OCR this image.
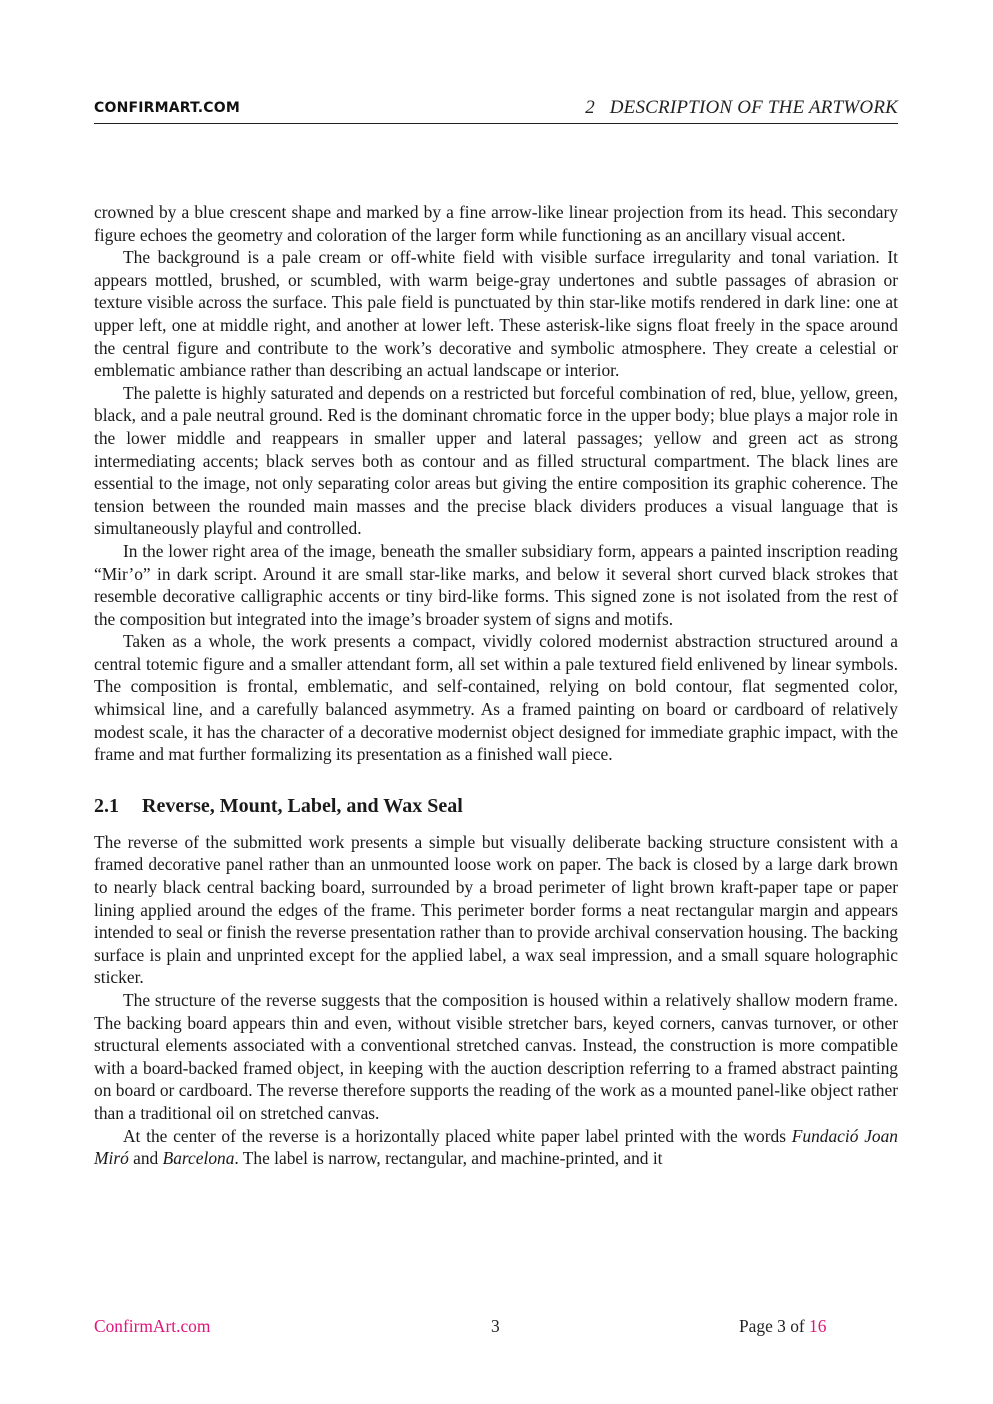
CONFIRMART.COM	2   DESCRIPTION OF THE ARTWORK

crowned by a blue crescent shape and marked by a fine arrow-like linear projection from its head. This secondary figure echoes the geometry and coloration of the larger form while functioning as an ancillary visual accent.

The background is a pale cream or off-white field with visible surface irregularity and tonal variation. It appears mottled, brushed, or scumbled, with warm beige-gray undertones and subtle passages of abrasion or texture visible across the surface. This pale field is punctuated by thin star-like motifs rendered in dark line: one at upper left, one at middle right, and another at lower left. These asterisk-like signs float freely in the space around the central figure and contribute to the work’s decorative and symbolic atmosphere. They create a celestial or emblematic ambiance rather than describing an actual landscape or interior.

The palette is highly saturated and depends on a restricted but forceful combination of red, blue, yellow, green, black, and a pale neutral ground. Red is the dominant chromatic force in the upper body; blue plays a major role in the lower middle and reappears in smaller upper and lateral passages; yellow and green act as strong intermediating accents; black serves both as contour and as filled structural compartment. The black lines are essential to the image, not only separating color areas but giving the entire composition its graphic coherence. The tension between the rounded main masses and the precise black dividers produces a visual language that is simultaneously playful and controlled.

In the lower right area of the image, beneath the smaller subsidiary form, appears a painted inscription reading “Mir’o” in dark script. Around it are small star-like marks, and below it several short curved black strokes that resemble decorative calligraphic accents or tiny bird-like forms. This signed zone is not isolated from the rest of the composition but integrated into the image’s broader system of signs and motifs.

Taken as a whole, the work presents a compact, vividly colored modernist abstraction structured around a central totemic figure and a smaller attendant form, all set within a pale textured field enlivened by linear symbols. The composition is frontal, emblematic, and self-contained, relying on bold contour, flat segmented color, whimsical line, and a carefully balanced asymmetry. As a framed painting on board or cardboard of relatively modest scale, it has the character of a decorative modernist object designed for immediate graphic impact, with the frame and mat further formalizing its presentation as a finished wall piece.

2.1 Reverse, Mount, Label, and Wax Seal

The reverse of the submitted work presents a simple but visually deliberate backing structure consistent with a framed decorative panel rather than an unmounted loose work on paper. The back is closed by a large dark brown to nearly black central backing board, surrounded by a broad perimeter of light brown kraft-paper tape or paper lining applied around the edges of the frame. This perimeter border forms a neat rectangular margin and appears intended to seal or finish the reverse presentation rather than to provide archival conservation housing. The backing surface is plain and unprinted except for the applied label, a wax seal impression, and a small square holographic sticker.

The structure of the reverse suggests that the composition is housed within a relatively shallow modern frame. The backing board appears thin and even, without visible stretcher bars, keyed corners, canvas turnover, or other structural elements associated with a conventional stretched canvas. Instead, the construction is more compatible with a board-backed framed object, in keeping with the auction description referring to a framed abstract painting on board or cardboard. The reverse therefore supports the reading of the work as a mounted panel-like object rather than a traditional oil on stretched canvas.

At the center of the reverse is a horizontally placed white paper label printed with the words Fundació Joan Miró and Barcelona. The label is narrow, rectangular, and machine-printed, and it

ConfirmArt.com	3	Page 3 of 16
